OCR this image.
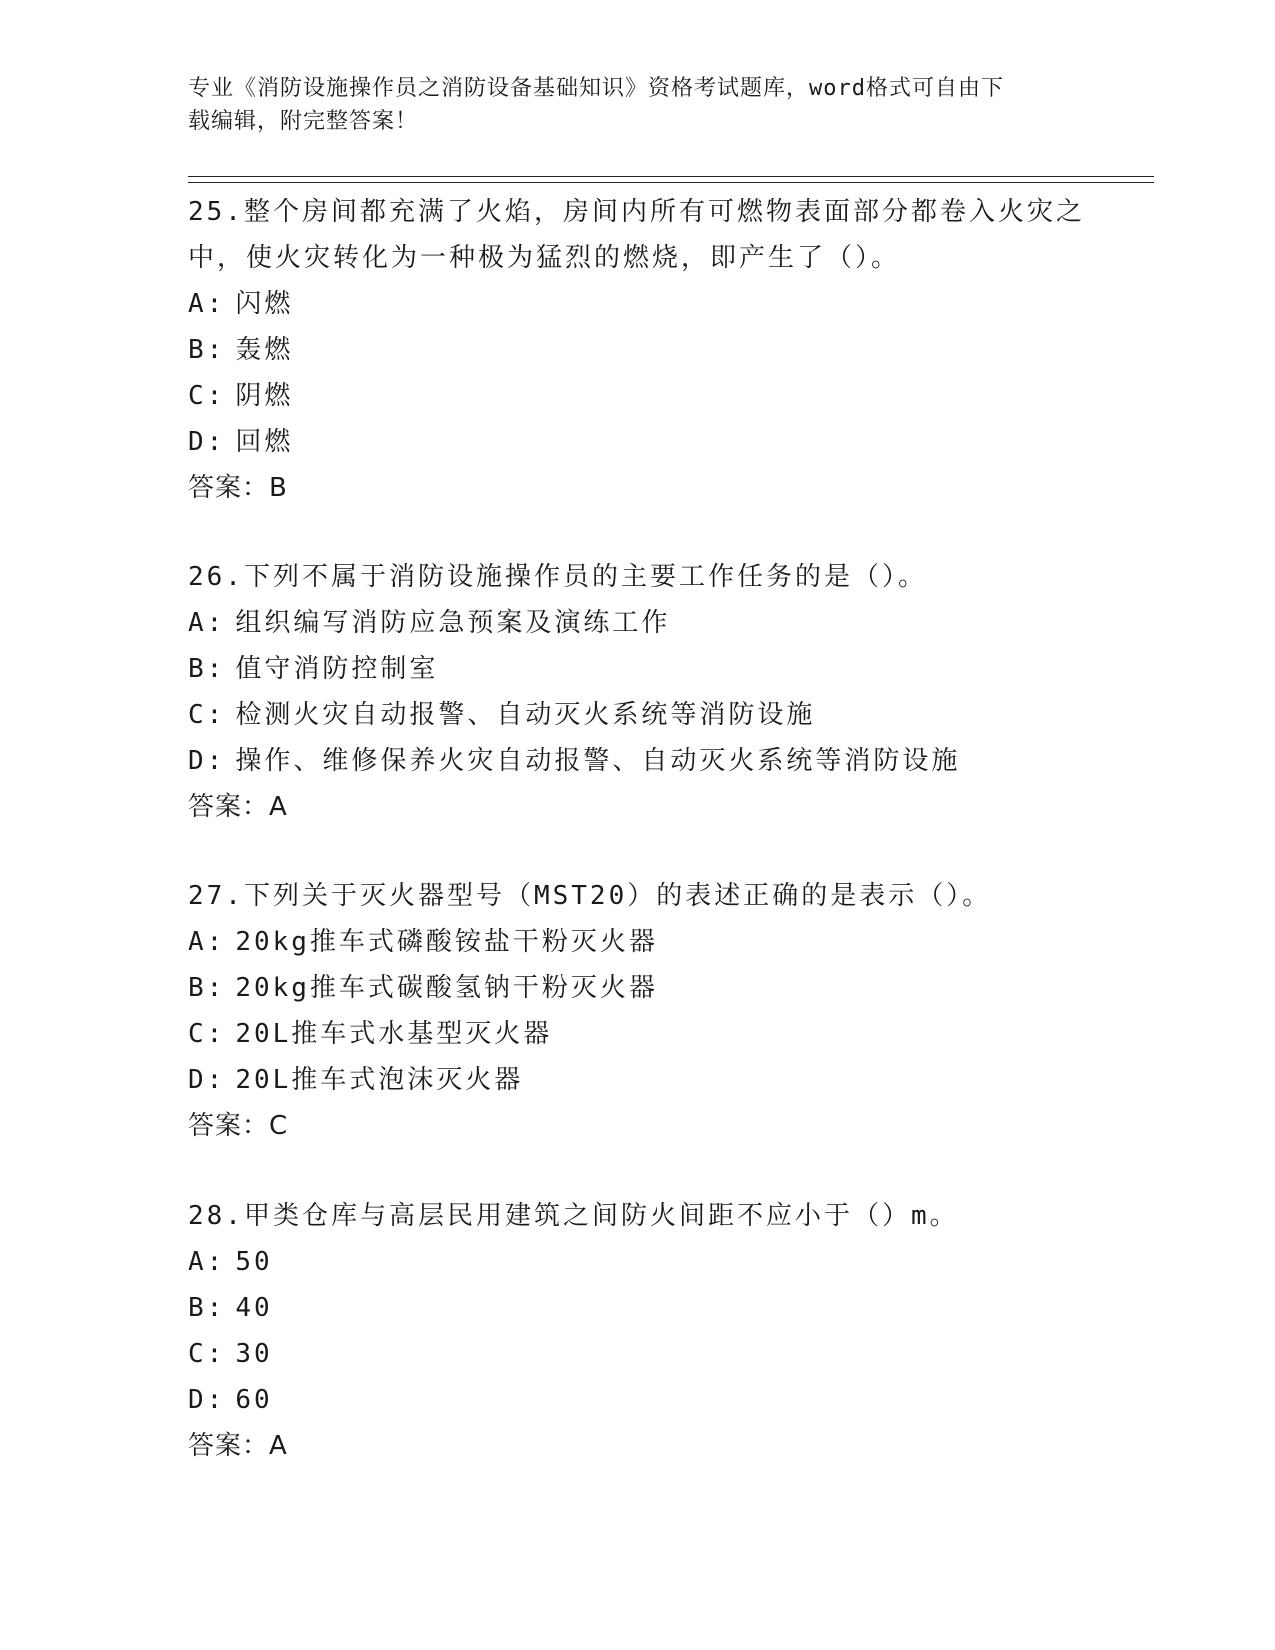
专业《消防设施操作员之消防设备基础知识》资格考试题库，word格式可自由下
载编辑，附完整答案！

25.整个房间都充满了火焰，房间内所有可燃物表面部分都卷入火灾之

中，使火灾转化为一种极为猛烈的燃烧，即产生了（）。

A: 闪燃

B: 轰燃

C: 阴燃

D: 回燃

答案：B

26.下列不属于消防设施操作员的主要工作任务的是（）。

A: 组织编写消防应急预案及演练工作

B: 值守消防控制室

C: 检测火灾自动报警、自动灭火系统等消防设施

D: 操作、维修保养火灾自动报警、自动灭火系统等消防设施

答案：A

27.下列关于灭火器型号（MST20）的表述正确的是表示（）。

A: 20kg推车式磷酸铵盐干粉灭火器

B: 20kg推车式碳酸氢钠干粉灭火器

C: 20L推车式水基型灭火器

D: 20L推车式泡沫灭火器

答案：C

28.甲类仓库与高层民用建筑之间防火间距不应小于（）m。

A: 50

B: 40

C: 30

D: 60

答案：A
